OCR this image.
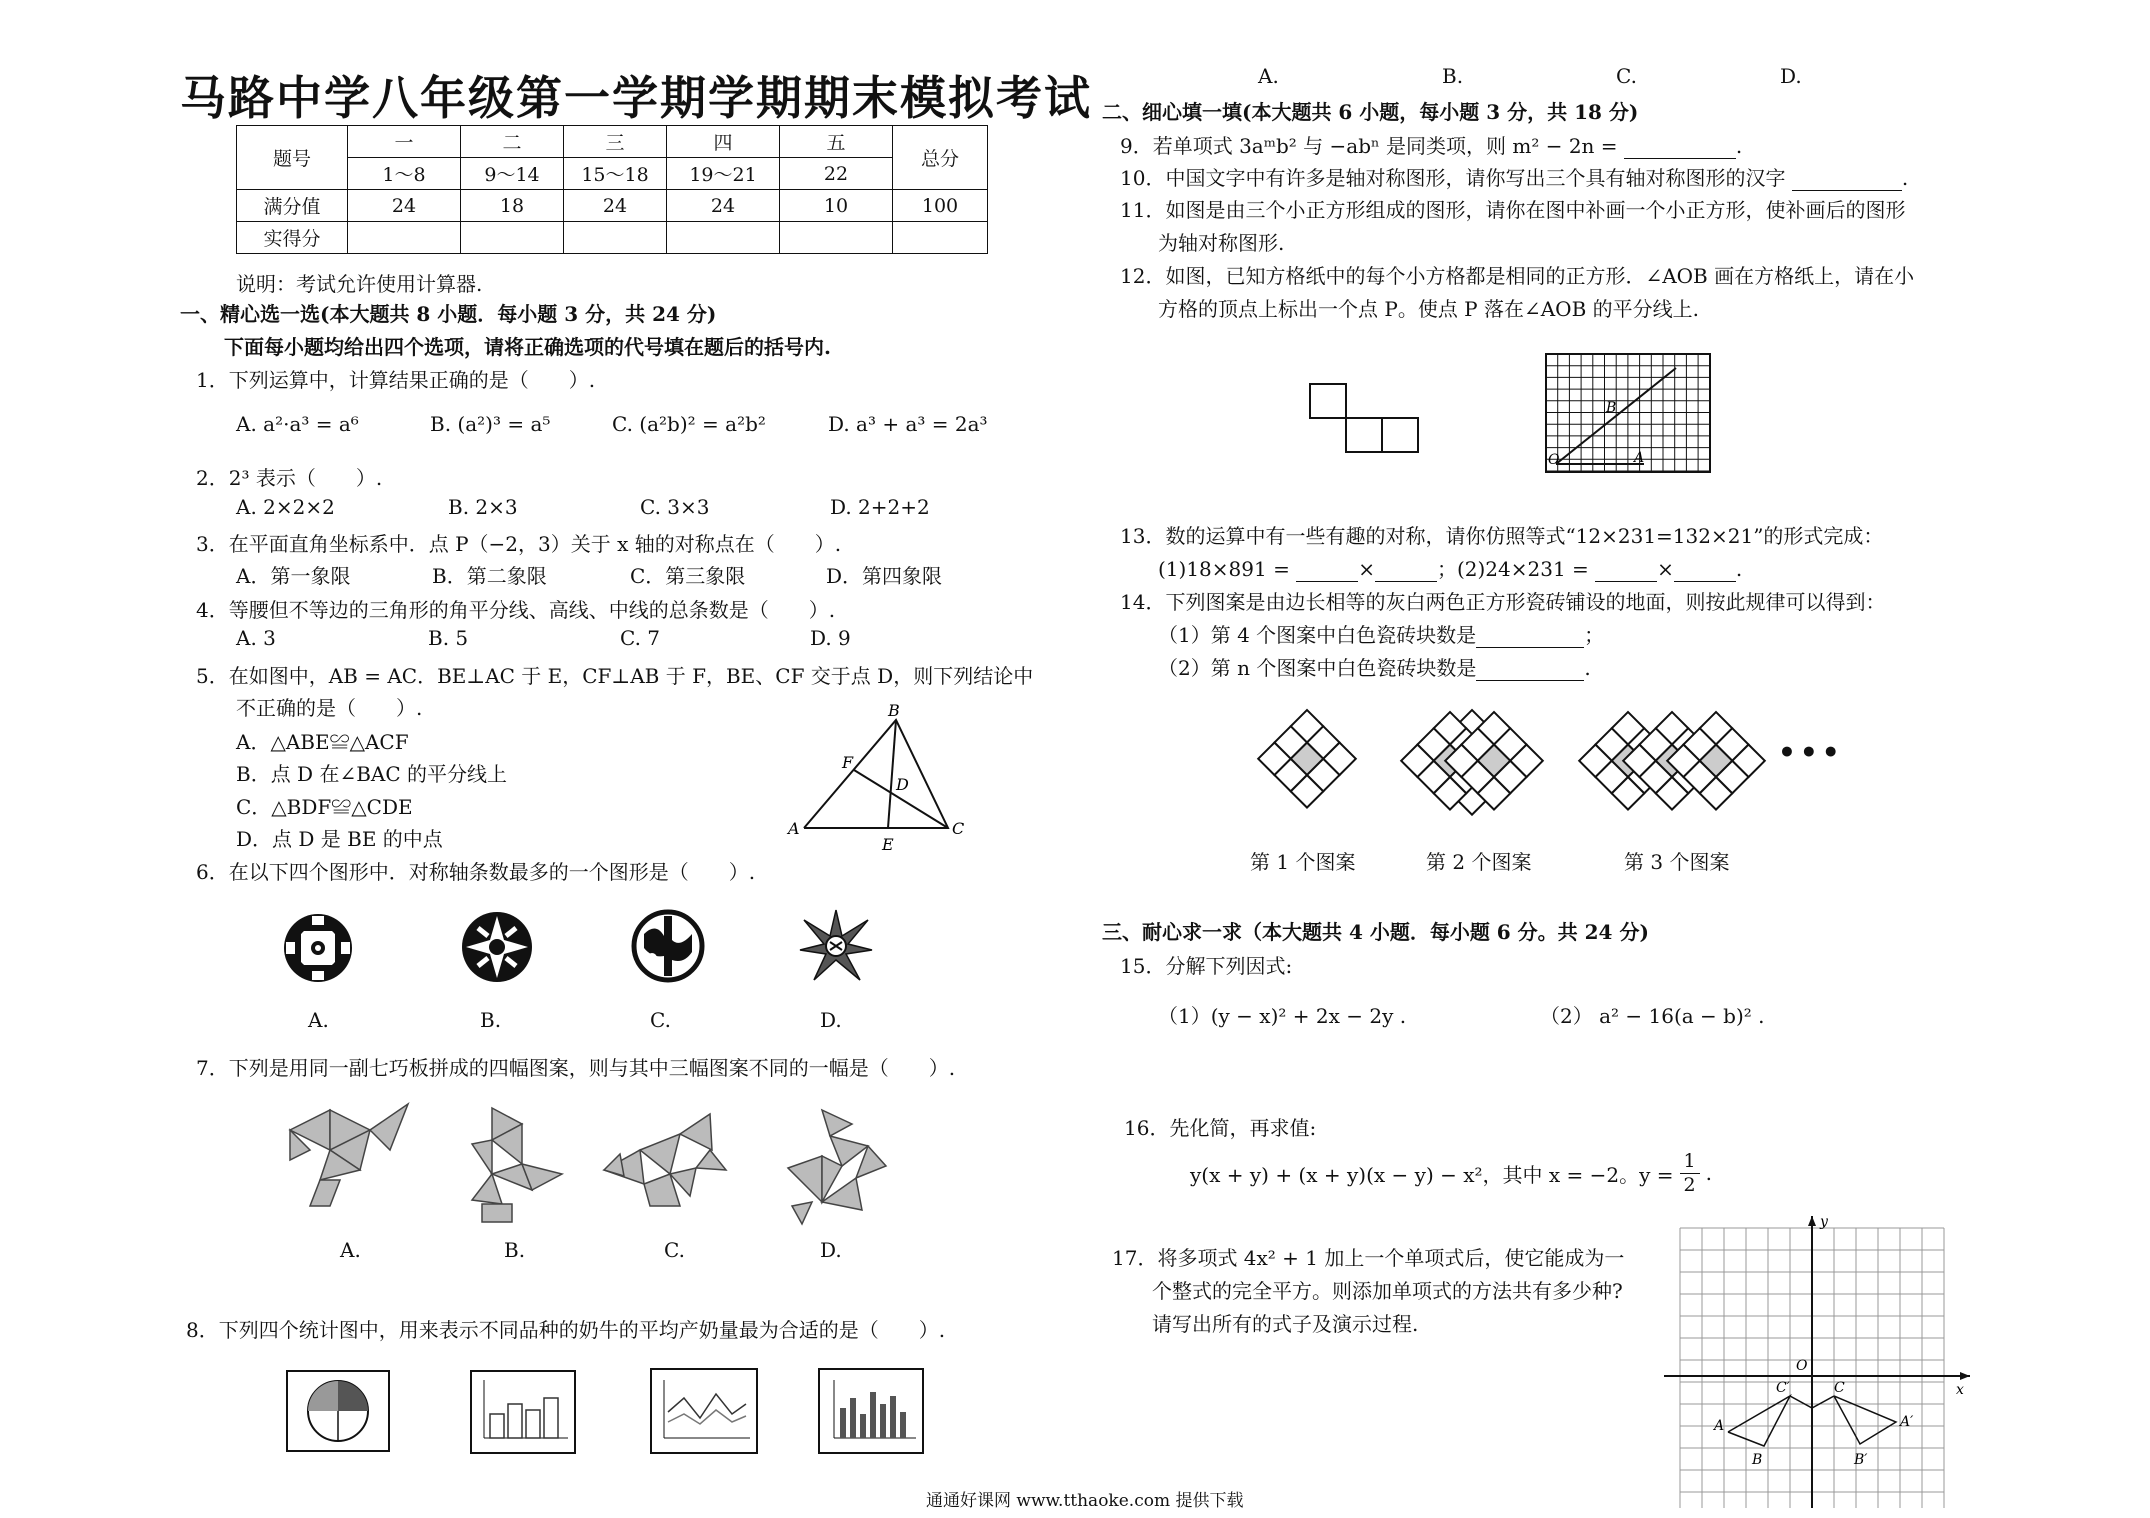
马路中学八年级第一学期学期期末模拟考试
题号	一	二	三	四	五	总分
	1～8	9～14	15～18	19～21	22	
满分值	24	18	24	24	10	100
实得分						
说明：考试允许使用计算器.
一、精心选一选(本大题共 8 小题．每小题 3 分，共 24 分)
下面每小题均给出四个选项，请将正确选项的代号填在题后的括号内.
1．下列运算中，计算结果正确的是（　　）.
A. a²·a³ = a⁶	B. (a²)³ = a⁵	C. (a²b)² = a²b²	D. a³ + a³ = 2a³
2．2³ 表示（　　）.
A. 2×2×2	B. 2×3	C. 3×3	D. 2+2+2
3．在平面直角坐标系中．点 P（−2，3）关于 x 轴的对称点在（　　）.
A．第一象限	B．第二象限	C．第三象限	D．第四象限
4．等腰但不等边的三角形的角平分线、高线、中线的总条数是（　　）.
A. 3	B. 5	C. 7	D. 9
5．在如图中，AB = AC．BE⊥AC 于 E，CF⊥AB 于 F，BE、CF 交于点 D，则下列结论中
不正确的是（　　）.
A．△ABE≌△ACF
B．点 D 在∠BAC 的平分线上
C．△BDF≌△CDE
D．点 D 是 BE 的中点
B
F
D
A
E
C
6．在以下四个图形中．对称轴条数最多的一个图形是（　　）.
A.	B.	C.	D.
7．下列是用同一副七巧板拼成的四幅图案，则与其中三幅图案不同的一幅是（　　）.
A.	B.	C.	D.
8．下列四个统计图中，用来表示不同品种的奶牛的平均产奶量最为合适的是（　　）.
A.	B.	C.	D.
二、细心填一填(本大题共 6 小题，每小题 3 分，共 18 分)
9．若单项式 3aᵐb² 与 −abⁿ 是同类项，则 m² − 2n =	.
10．中国文字中有许多是轴对称图形，请你写出三个具有轴对称图形的汉字	.
11．如图是由三个小正方形组成的图形，请你在图中补画一个小正方形，使补画后的图形
为轴对称图形.
12．如图，已知方格纸中的每个小方格都是相同的正方形．∠AOB 画在方格纸上，请在小
方格的顶点上标出一个点 P。使点 P 落在∠AOB 的平分线上.
B
O	A
13．数的运算中有一些有趣的对称，请你仿照等式“12×231=132×21”的形式完成：
(1)18×891 =	×	；(2)24×231 =	×	.
14．下列图案是由边长相等的灰白两色正方形瓷砖铺设的地面，则按此规律可以得到：
（1）第 4 个图案中白色瓷砖块数是	；
（2）第 n 个图案中白色瓷砖块数是	.
•••
第 1 个图案	第 2 个图案	第 3 个图案
三、耐心求一求（本大题共 4 小题．每小题 6 分。共 24 分)
15．分解下列因式:
（1）(y − x)² + 2x − 2y .	（2） a² − 16(a − b)² .
16．先化简，再求值:
y(x + y) + (x + y)(x − y) − x²，其中 x = −2。$y = \frac{1}{2}$ .
17．将多项式 4x² + 1 加上一个单项式后，使它能成为一
个整式的完全平方。则添加单项式的方法共有多少种?
请写出所有的式子及演示过程.
y
O
x
C′	C
A	A′
B	B′
通通好课网 www.tthaoke.com 提供下载
